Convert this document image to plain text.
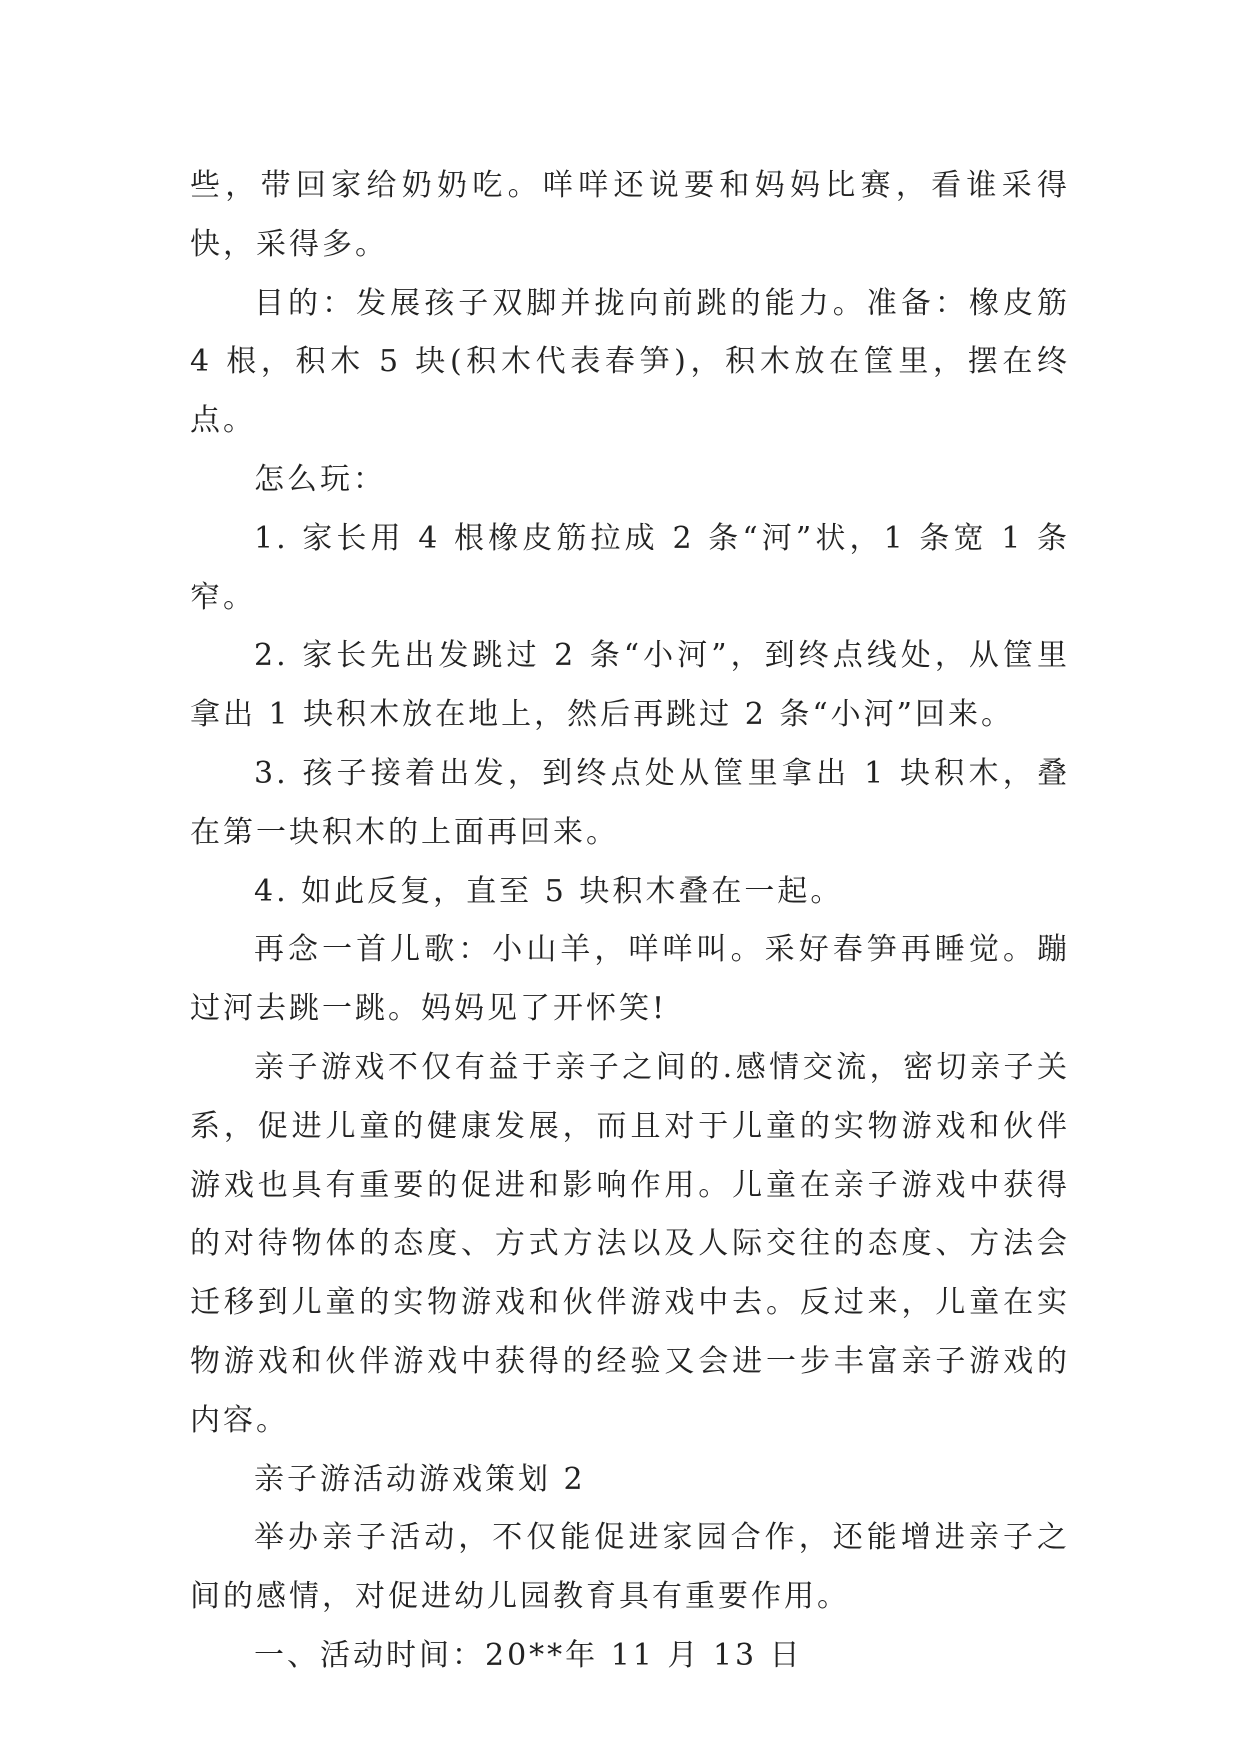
些，带回家给奶奶吃。咩咩还说要和妈妈比赛，看谁采得快，采得多。

目的：发展孩子双脚并拢向前跳的能力。准备：橡皮筋 4 根，积木 5 块(积木代表春笋)，积木放在筐里，摆在终点。

怎么玩：

1. 家长用 4 根橡皮筋拉成 2 条“河”状，1 条宽 1 条窄。

2. 家长先出发跳过 2 条“小河”，到终点线处，从筐里拿出 1 块积木放在地上，然后再跳过 2 条“小河”回来。

3. 孩子接着出发，到终点处从筐里拿出 1 块积木，叠在第一块积木的上面再回来。

4. 如此反复，直至 5 块积木叠在一起。

再念一首儿歌：小山羊，咩咩叫。采好春笋再睡觉。蹦过河去跳一跳。妈妈见了开怀笑!

亲子游戏不仅有益于亲子之间的.感情交流，密切亲子关系，促进儿童的健康发展，而且对于儿童的实物游戏和伙伴游戏也具有重要的促进和影响作用。儿童在亲子游戏中获得的对待物体的态度、方式方法以及人际交往的态度、方法会迁移到儿童的实物游戏和伙伴游戏中去。反过来，儿童在实物游戏和伙伴游戏中获得的经验又会进一步丰富亲子游戏的内容。

亲子游活动游戏策划 2

举办亲子活动，不仅能促进家园合作，还能增进亲子之间的感情，对促进幼儿园教育具有重要作用。

一、活动时间：20**年 11 月 13 日
